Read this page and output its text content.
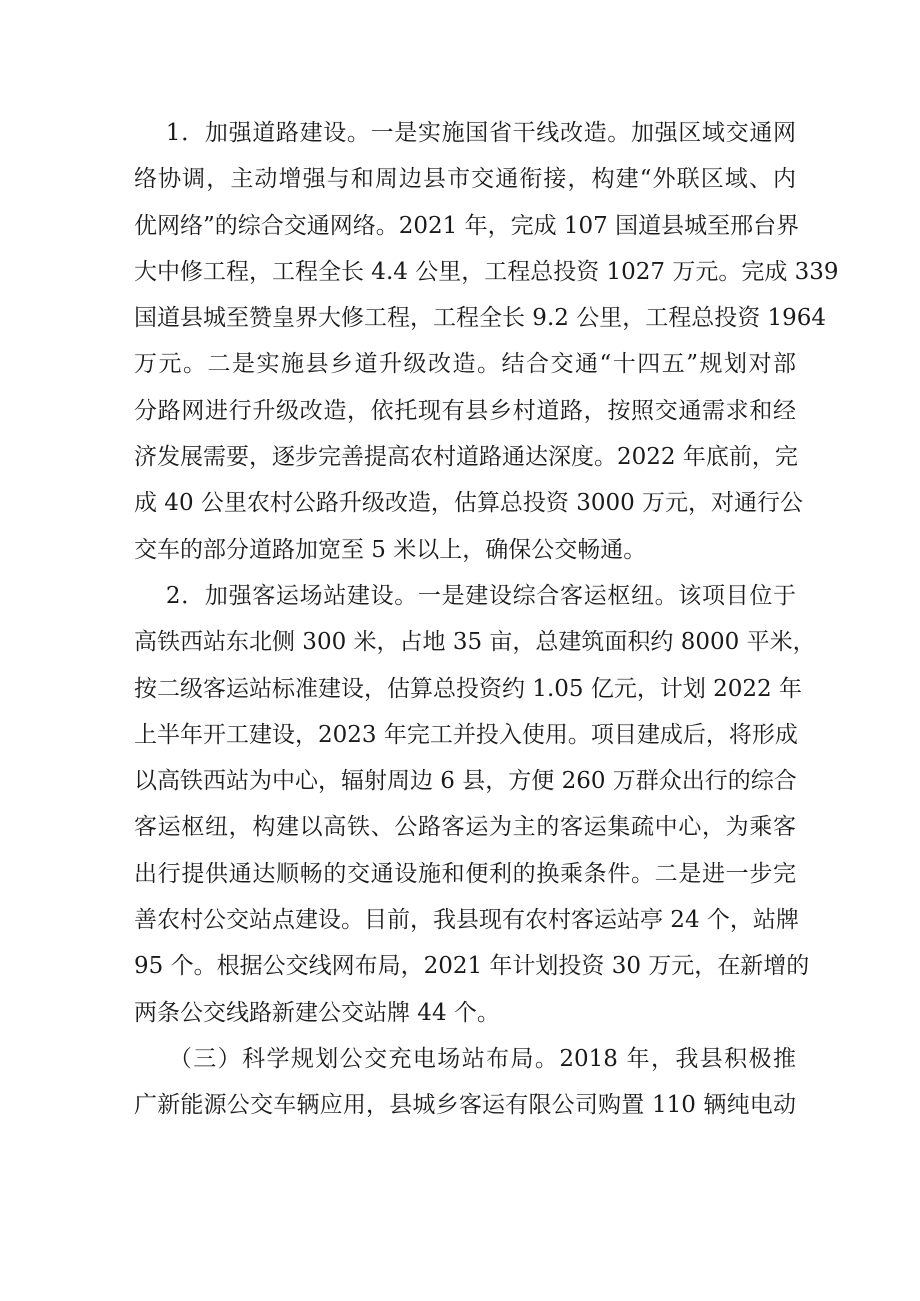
1．加强道路建设。一是实施国省干线改造。加强区域交通网
络协调，主动增强与和周边县市交通衔接，构建“外联区域、内
优网络”的综合交通网络。2021 年，完成 107 国道县城至邢台界
大中修工程，工程全长 4.4 公里，工程总投资 1027 万元。完成 339
国道县城至赞皇界大修工程，工程全长 9.2 公里，工程总投资 1964
万元。二是实施县乡道升级改造。结合交通“十四五”规划对部
分路网进行升级改造，依托现有县乡村道路，按照交通需求和经
济发展需要，逐步完善提高农村道路通达深度。2022 年底前，完
成 40 公里农村公路升级改造，估算总投资 3000 万元，对通行公
交车的部分道路加宽至 5 米以上，确保公交畅通。
2．加强客运场站建设。一是建设综合客运枢纽。该项目位于
高铁西站东北侧 300 米，占地 35 亩，总建筑面积约 8000 平米，
按二级客运站标准建设，估算总投资约 1.05 亿元，计划 2022 年
上半年开工建设，2023 年完工并投入使用。项目建成后，将形成
以高铁西站为中心，辐射周边 6 县，方便 260 万群众出行的综合
客运枢纽，构建以高铁、公路客运为主的客运集疏中心，为乘客
出行提供通达顺畅的交通设施和便利的换乘条件。二是进一步完
善农村公交站点建设。目前，我县现有农村客运站亭 24 个，站牌
95 个。根据公交线网布局，2021 年计划投资 30 万元，在新增的
两条公交线路新建公交站牌 44 个。
（三）科学规划公交充电场站布局。2018 年，我县积极推
广新能源公交车辆应用，县城乡客运有限公司购置 110 辆纯电动
